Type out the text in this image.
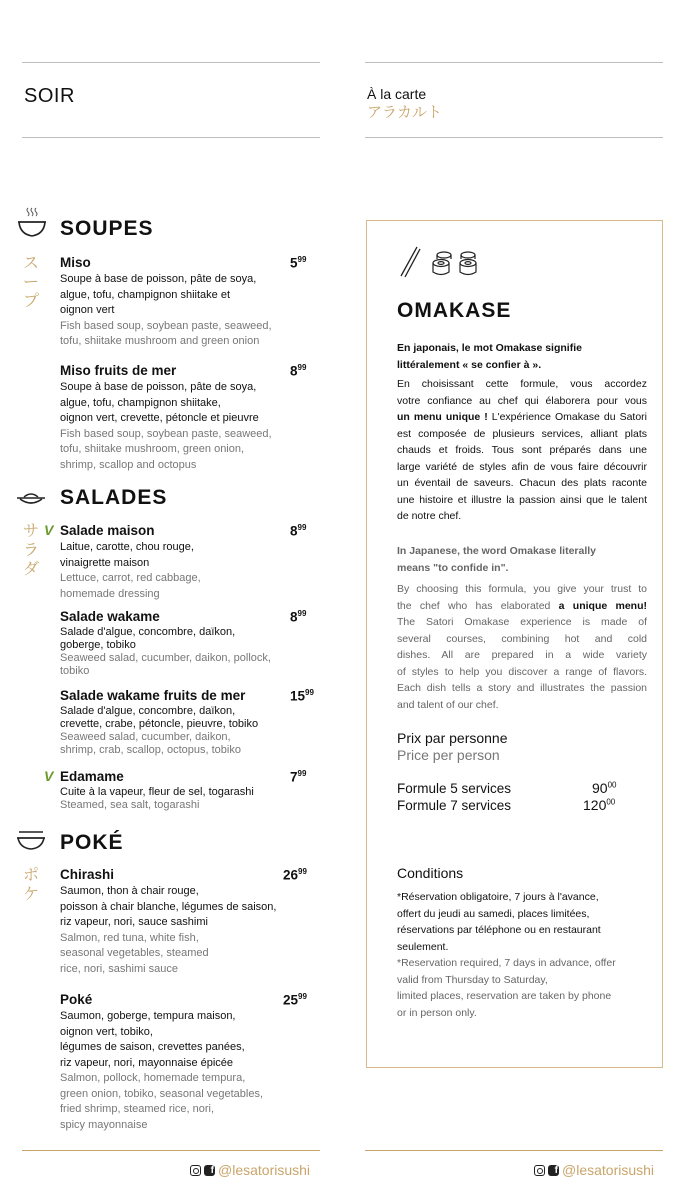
SOIR	À la carte
アラカルト
SOUPES
スープ
Miso	$5^{99}$
Soupe à base de poisson, pâte de soya,
algue, tofu, champignon shiitake et
oignon vert
Fish based soup, soybean paste, seaweed,
tofu, shiitake mushroom and green onion
Miso fruits de mer	$8^{99}$
Soupe à base de poisson, pâte de soya,
algue, tofu, champignon shiitake,
oignon vert, crevette, pétoncle et pieuvre
Fish based soup, soybean paste, seaweed,
tofu, shiitake mushroom, green onion,
shrimp, scallop and octopus
SALADES
サラダ
V Salade maison	$8^{99}$
Laitue, carotte, chou rouge,
vinaigrette maison
Lettuce, carrot, red cabbage,
homemade dressing
Salade wakame	$8^{99}$
Salade d'algue, concombre, daïkon,
goberge, tobiko
Seaweed salad, cucumber, daikon, pollock,
tobiko
Salade wakame fruits de mer	$15^{99}$
Salade d'algue, concombre, daïkon,
crevette, crabe, pétoncle, pieuvre, tobiko
Seaweed salad, cucumber, daikon,
shrimp, crab, scallop, octopus, tobiko
V Edamame	$7^{99}$
Cuite à la vapeur, fleur de sel, togarashi
Steamed, sea salt, togarashi
POKÉ
ポケ
Chirashi	$26^{99}$
Saumon, thon à chair rouge,
poisson à chair blanche, légumes de saison,
riz vapeur, nori, sauce sashimi
Salmon, red tuna, white fish,
seasonal vegetables, steamed
rice, nori, sashimi sauce
Poké	$25^{99}$
Saumon, goberge, tempura maison,
oignon vert, tobiko,
légumes de saison, crevettes panées,
riz vapeur, nori, mayonnaise épicée
Salmon, pollock, homemade tempura,
green onion, tobiko, seasonal vegetables,
fried shrimp, steamed rice, nori,
spicy mayonnaise
OMAKASE
En japonais, le mot Omakase signifie
littéralement « se confier à ».
En choisissant cette formule, vous accordez
votre confiance au chef qui élaborera pour vous
un menu unique ! L'expérience Omakase du Satori
est composée de plusieurs services, alliant plats
chauds et froids. Tous sont préparés dans une
large variété de styles afin de vous faire découvrir
un éventail de saveurs. Chacun des plats raconte
une histoire et illustre la passion ainsi que le talent
de notre chef.
In Japanese, the word Omakase literally
means "to confide in".
By choosing this formula, you give your trust to
the chef who has elaborated a unique menu!
The Satori Omakase experience is made of
several courses, combining hot and cold
dishes. All are prepared in a wide variety
of styles to help you discover a range of flavors.
Each dish tells a story and illustrates the passion
and talent of our chef.
Prix par personne
Price per person
Formule 5 services	$90^{00}$
Formule 7 services	$120^{00}$
Conditions
*Réservation obligatoire, 7 jours à l'avance,
offert du jeudi au samedi, places limitées,
réservations par téléphone ou en restaurant
seulement.
*Reservation required, 7 days in advance, offer
valid from Thursday to Saturday,
limited places, reservation are taken by phone
or in person only.
f @lesatorisushi	f @lesatorisushi
